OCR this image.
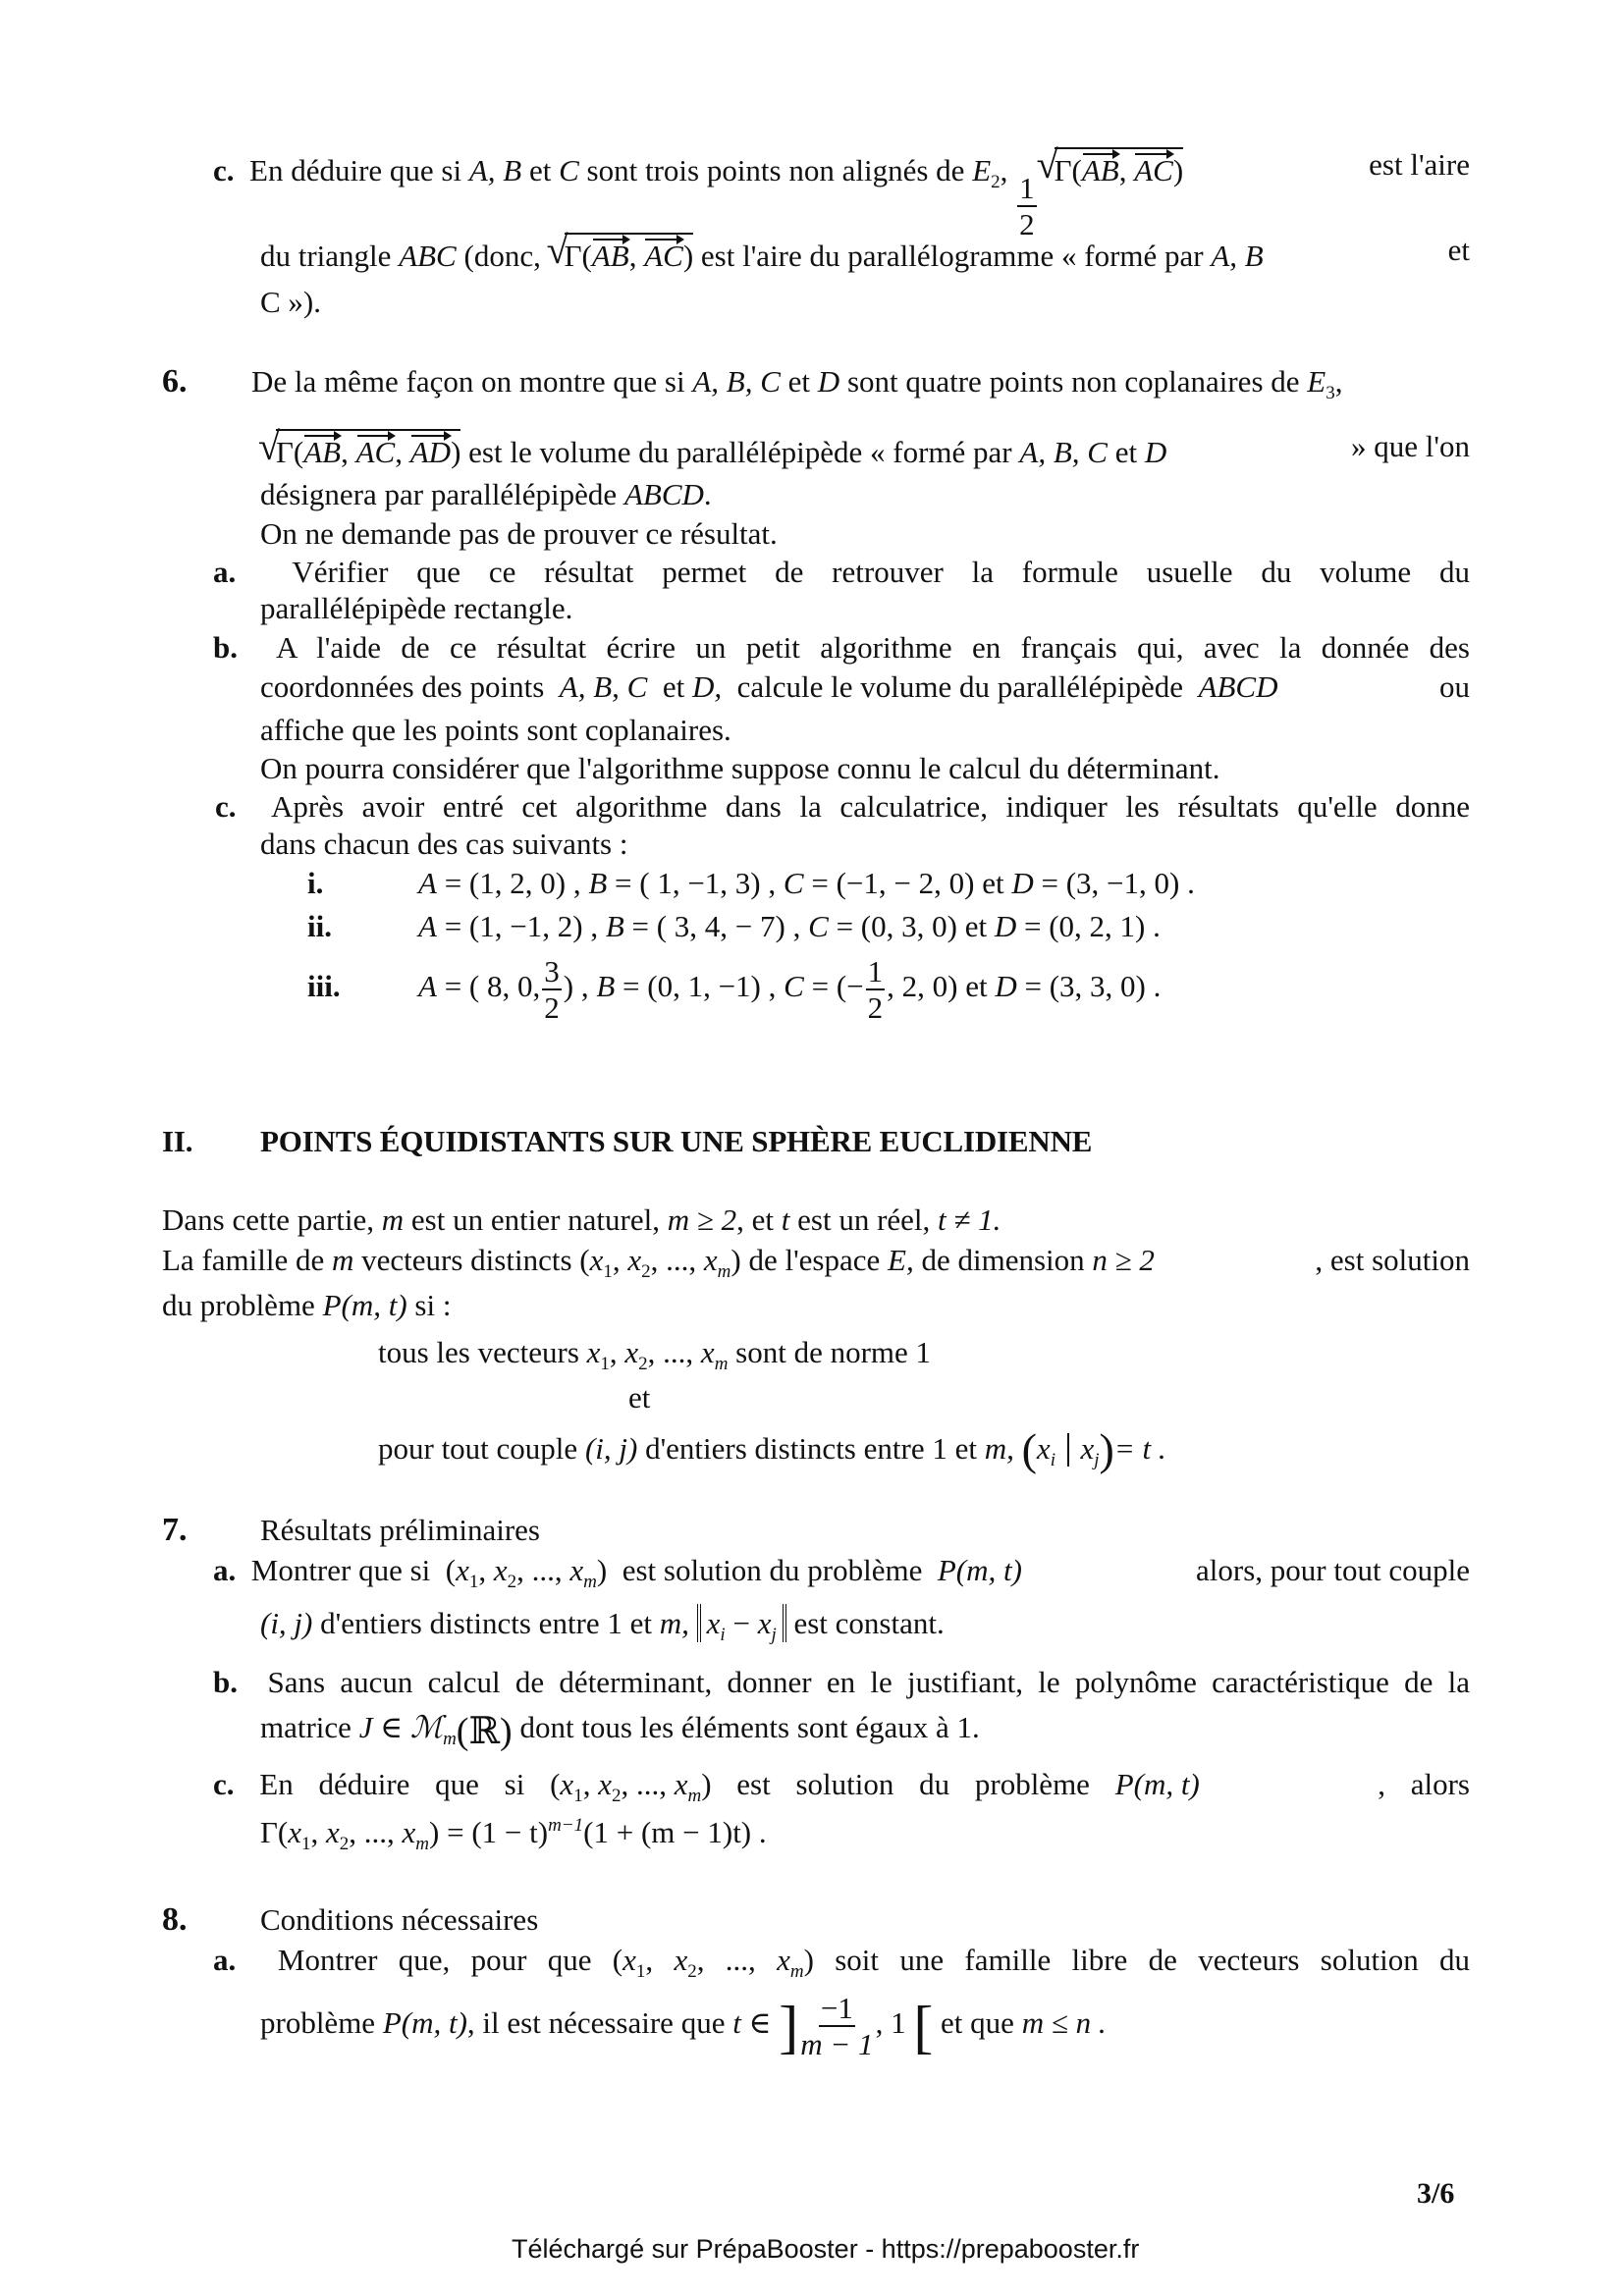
c. En déduire que si A, B et C sont trois points non alignés de $E_2$,
$\frac{1}{2}$
√ Γ(AB, AC)	est l'aire
du triangle ABC (donc, √ Γ(AB, AC) est l'aire du parallélogramme « formé par A, B	et
C »).
6. De la même façon on montre que si A, B, C et D sont quatre points non coplanaires de $E_3$,
√ Γ(AB, AC, AD) est le volume du parallélépipède « formé par A, B, C et D	» que l'on
désignera par parallélépipède ABCD.
On ne demande pas de prouver ce résultat.
a. Vérifier que ce résultat permet de retrouver la formule usuelle du volume du
parallélépipède rectangle.
b. A l'aide de ce résultat écrire un petit algorithme en français qui, avec la donnée des
coordonnées des points A, B, C et D, calcule le volume du parallélépipède ABCD	ou
affiche que les points sont coplanaires.
On pourra considérer que l'algorithme suppose connu le calcul du déterminant.
c. Après avoir entré cet algorithme dans la calculatrice, indiquer les résultats qu'elle donne
dans chacun des cas suivants :
i.	A = (1, 2, 0) , B = ( 1, −1, 3) , C = (−1, − 2, 0) et D = (3, −1, 0) .
ii.	A = (1, −1, 2) , B = ( 3, 4, − 7) , C = (0, 3, 0) et D = (0, 2, 1) .
iii.	A = ( 8, 0, $\frac{3}{2}$ ) , B = (0, 1, −1) , C = (− $\frac{1}{2}$ , 2, 0) et D = (3, 3, 0) .
II. POINTS ÉQUIDISTANTS SUR UNE SPHÈRE EUCLIDIENNE
Dans cette partie, m est un entier naturel, m ≥ 2, et t est un réel, t ≠ 1.
La famille de m vecteurs distincts ($x_1$, $x_2$, ..., $x_m$) de l'espace E, de dimension n ≥ 2	, est solution
du problème P(m, t) si :
tous les vecteurs $x_1$, $x_2$, ..., $x_m$ sont de norme 1
et
pour tout couple (i, j) d'entiers distincts entre 1 et m, ($x_i$ $x_j)= t$ .
7. Résultats préliminaires
a. Montrer que si ($x_1$, $x_2$, ..., $x_m$) est solution du problème P(m, t)	alors, pour tout couple
(i, j) d'entiers distincts entre 1 et m, $x_i - x_j$ est constant.
b. Sans aucun calcul de déterminant, donner en le justifiant, le polynôme caractéristique de la
matrice J ∈ ℳ$_m$(ℝ) dont tous les éléments sont égaux à 1.
c. En déduire que si ($x_1$, $x_2$, ..., $x_m$) est solution du problème P(m, t)	, alors
$\Gamma(x_1$, $x_2$, ..., $x_m) = (1 - t)^{m-1}(1 + (m - 1)t)$ .
8. Conditions nécessaires
a. Montrer que, pour que ($x_1$, $x_2$, ..., $x_m$) soit une famille libre de vecteurs solution du
problème P(m, t), il est nécessaire que t ∈ ] $\frac{-1}{m - 1}$ , 1 [ et que m ≤ n .
3/6
Téléchargé sur PrépaBooster - https://prepabooster.fr
